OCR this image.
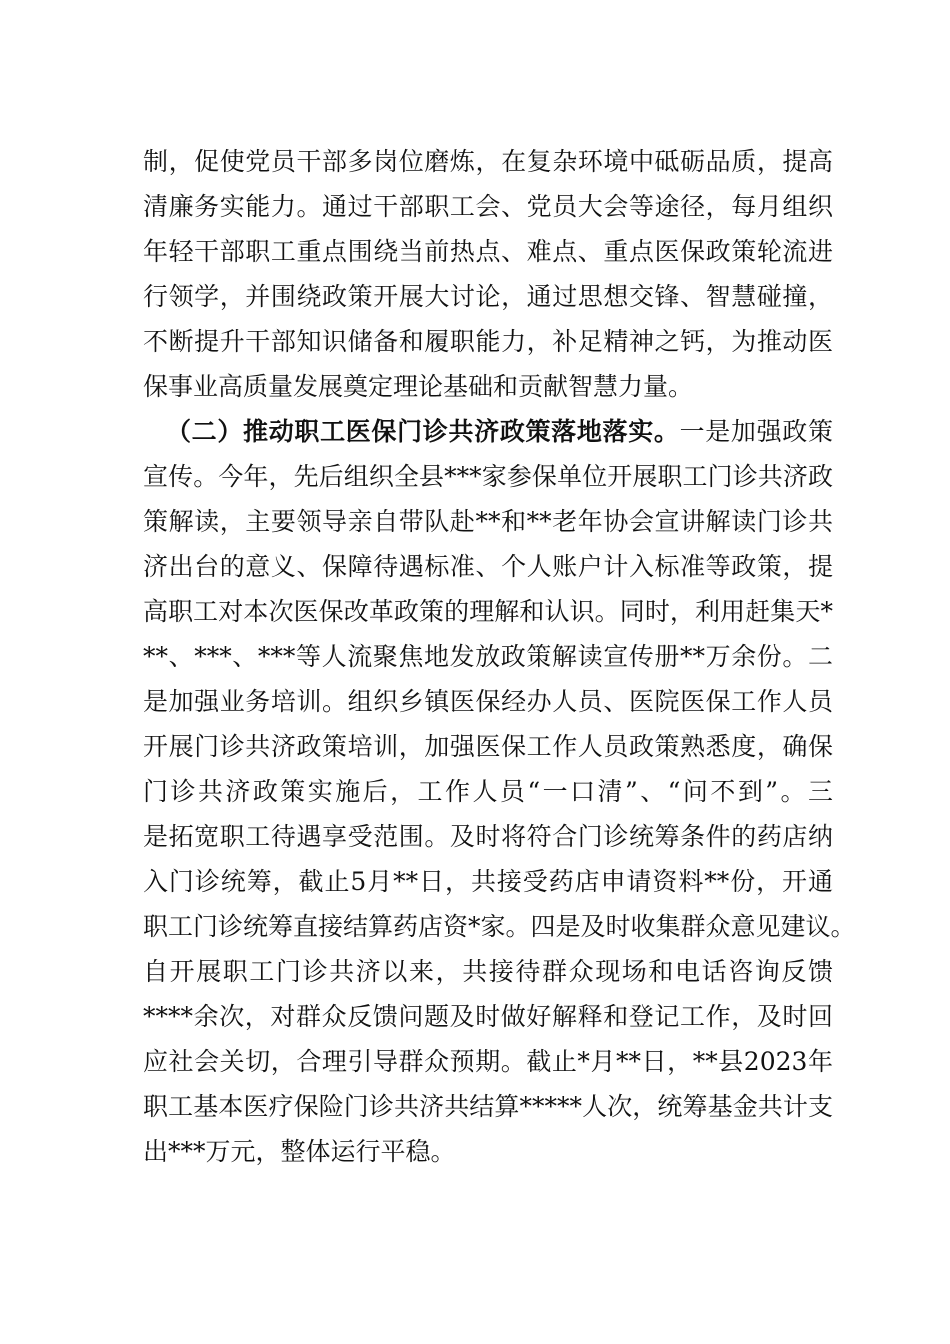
制，促使党员干部多岗位磨炼，在复杂环境中砥砺品质，提高
清廉务实能力。通过干部职工会、党员大会等途径，每月组织
年轻干部职工重点围绕当前热点、难点、重点医保政策轮流进
行领学，并围绕政策开展大讨论，通过思想交锋、智慧碰撞，
不断提升干部知识储备和履职能力，补足精神之钙，为推动医
保事业高质量发展奠定理论基础和贡献智慧力量。
（二）推动职工医保门诊共济政策落地落实。一是加强政策
宣传。今年，先后组织全县***家参保单位开展职工门诊共济政
策解读，主要领导亲自带队赴**和**老年协会宣讲解读门诊共
济出台的意义、保障待遇标准、个人账户计入标准等政策，提
高职工对本次医保改革政策的理解和认识。同时，利用赶集天*
**、***、***等人流聚焦地发放政策解读宣传册**万余份。二
是加强业务培训。组织乡镇医保经办人员、医院医保工作人员
开展门诊共济政策培训，加强医保工作人员政策熟悉度，确保
门诊共济政策实施后，工作人员“一口清”、“问不到”。三
是拓宽职工待遇享受范围。及时将符合门诊统筹条件的药店纳
入门诊统筹，截止5月**日，共接受药店申请资料**份，开通
职工门诊统筹直接结算药店资*家。四是及时收集群众意见建议。
自开展职工门诊共济以来，共接待群众现场和电话咨询反馈
****余次，对群众反馈问题及时做好解释和登记工作，及时回
应社会关切，合理引导群众预期。截止*月**日，**县2023年
职工基本医疗保险门诊共济共结算*****人次，统筹基金共计支
出***万元，整体运行平稳。
